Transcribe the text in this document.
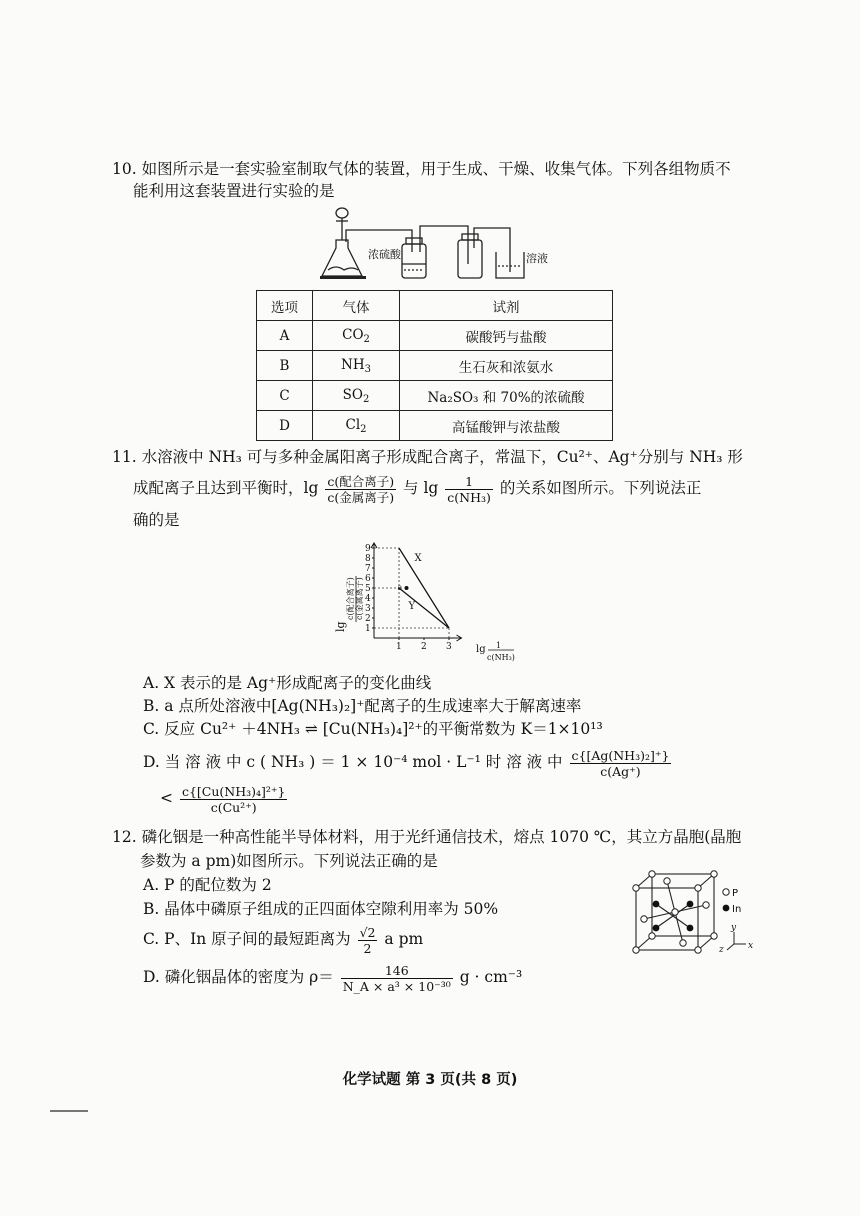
10. 如图所示是一套实验室制取气体的装置，用于生成、干燥、收集气体。下列各组物质不
能利用这套装置进行实验的是
浓硫酸	溶液
选项	气体	试剂
A	$CO_2$	碳酸钙与盐酸
B	$NH_3$	生石灰和浓氨水
C	$SO_2$	Na₂SO₃ 和 70%的浓硫酸
D	$Cl_2$	高锰酸钾与浓盐酸
11. 水溶液中 NH₃ 可与多种金属阳离子形成配合离子，常温下，Cu²⁺、Ag⁺分别与 NH₃ 形
成配离子且达到平衡时，$\lg \frac{\text{c(配合离子)}}{\text{c(金属离子)}}$ 与 $\lg \frac{1}{\text{c(NH₃)}}$ 的关系如图所示。下列说法正
确的是
lg
c(配合离子) c(金属离子)
lg 1
c(NH₃)
1
2
3
4
5
6
7
8
9
1 2 3
X
Y
a
A. X 表示的是 Ag⁺形成配离子的变化曲线
B. a 点所处溶液中[Ag(NH₃)₂]⁺配离子的生成速率大于解离速率
C. 反应 Cu²⁺ ＋4NH₃ ⇌ [Cu(NH₃)₄]²⁺的平衡常数为 K＝1×10¹³
D. 当 溶 液 中 c ( NH₃ ) ＝ 1 × 10⁻⁴ mol · L⁻¹ 时 溶 液 中 $\frac{\text{c\{[Ag(NH₃)₂]⁺\}}}{c(Ag^+)}$
< $\frac{\text{c\{[Cu(NH₃)₄]²⁺\}}}{\text{c(Cu²⁺)}}$
12. 磷化铟是一种高性能半导体材料，用于光纤通信技术，熔点 1070 ℃，其立方晶胞(晶胞
参数为 a pm)如图所示。下列说法正确的是
A. P 的配位数为 2
B. 晶体中磷原子组成的正四面体空隙利用率为 50%
C. P、In 原子间的最短距离为 $\frac{√2}{2}$ a pm
D. 磷化铟晶体的密度为 $\rho= \frac{146}{\text{N\_A × a³ × 10⁻³⁰}}$ g · cm⁻³
P
In
x
y
z
化学试题 第 3 页(共 8 页)
